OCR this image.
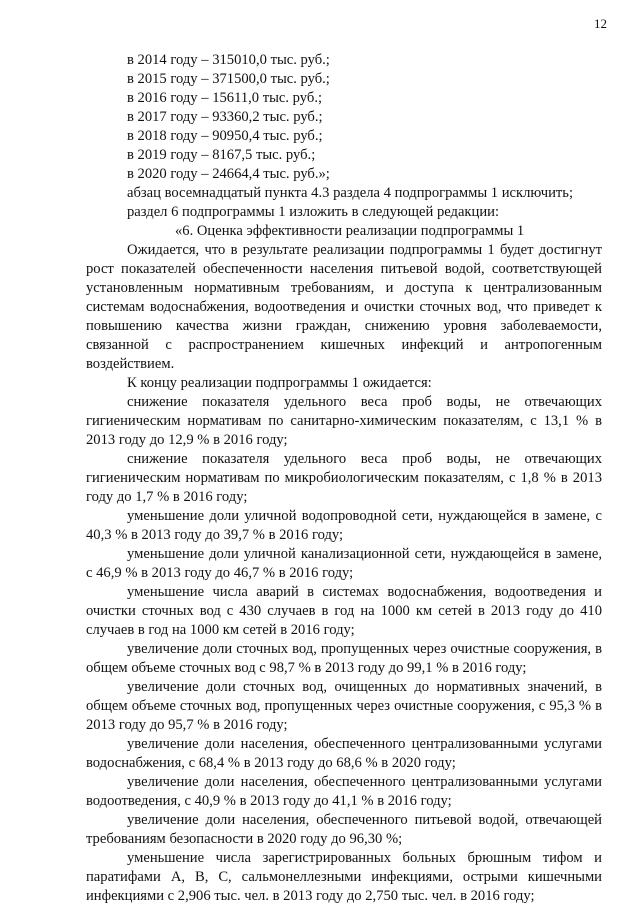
12
в 2014 году – 315010,0 тыс. руб.;
в 2015 году – 371500,0 тыс. руб.;
в 2016 году – 15611,0 тыс. руб.;
в 2017 году – 93360,2 тыс. руб.;
в 2018 году – 90950,4 тыс. руб.;
в 2019 году – 8167,5 тыс. руб.;
в 2020 году – 24664,4 тыс. руб.»;
абзац восемнадцатый пункта 4.3 раздела 4 подпрограммы 1 исключить;
раздел 6 подпрограммы 1 изложить в следующей редакции:
«6. Оценка эффективности реализации подпрограммы 1
Ожидается, что в результате реализации подпрограммы 1 будет достигнут рост показателей обеспеченности населения питьевой водой, соответствующей установленным нормативным требованиям, и доступа к централизованным системам водоснабжения, водоотведения и очистки сточных вод, что приведет к повышению качества жизни граждан, снижению уровня заболеваемости, связанной с распространением кишечных инфекций и антропогенным воздействием.
К концу реализации подпрограммы 1 ожидается:
снижение показателя удельного веса проб воды, не отвечающих гигиеническим нормативам по санитарно-химическим показателям, с 13,1 % в 2013 году до 12,9 % в 2016 году;
снижение показателя удельного веса проб воды, не отвечающих гигиеническим нормативам по микробиологическим показателям, с 1,8 % в 2013 году до 1,7 % в 2016 году;
уменьшение доли уличной водопроводной сети, нуждающейся в замене, с 40,3 % в 2013 году до 39,7 % в 2016 году;
уменьшение доли уличной канализационной сети, нуждающейся в замене, с 46,9 % в 2013 году до 46,7 % в 2016 году;
уменьшение числа аварий в системах водоснабжения, водоотведения и очистки сточных вод с 430 случаев в год на 1000 км сетей в 2013 году до 410 случаев в год на 1000 км сетей в 2016 году;
увеличение доли сточных вод, пропущенных через очистные сооружения, в общем объеме сточных вод с 98,7 % в 2013 году до 99,1 % в 2016 году;
увеличение доли сточных вод, очищенных до нормативных значений, в общем объеме сточных вод, пропущенных через очистные сооружения, с 95,3 % в 2013 году до 95,7 % в 2016 году;
увеличение доли населения, обеспеченного централизованными услугами водоснабжения, с 68,4 % в 2013 году до 68,6 % в 2020 году;
увеличение доли населения, обеспеченного централизованными услугами водоотведения, с 40,9 % в 2013 году до 41,1 % в 2016 году;
увеличение доли населения, обеспеченного питьевой водой, отвечающей требованиям безопасности в 2020 году до 96,30 %;
уменьшение числа зарегистрированных больных брюшным тифом и паратифами А, В, С, сальмонеллезными инфекциями, острыми кишечными инфекциями с 2,906 тыс. чел. в 2013 году до 2,750 тыс. чел. в 2016 году;
